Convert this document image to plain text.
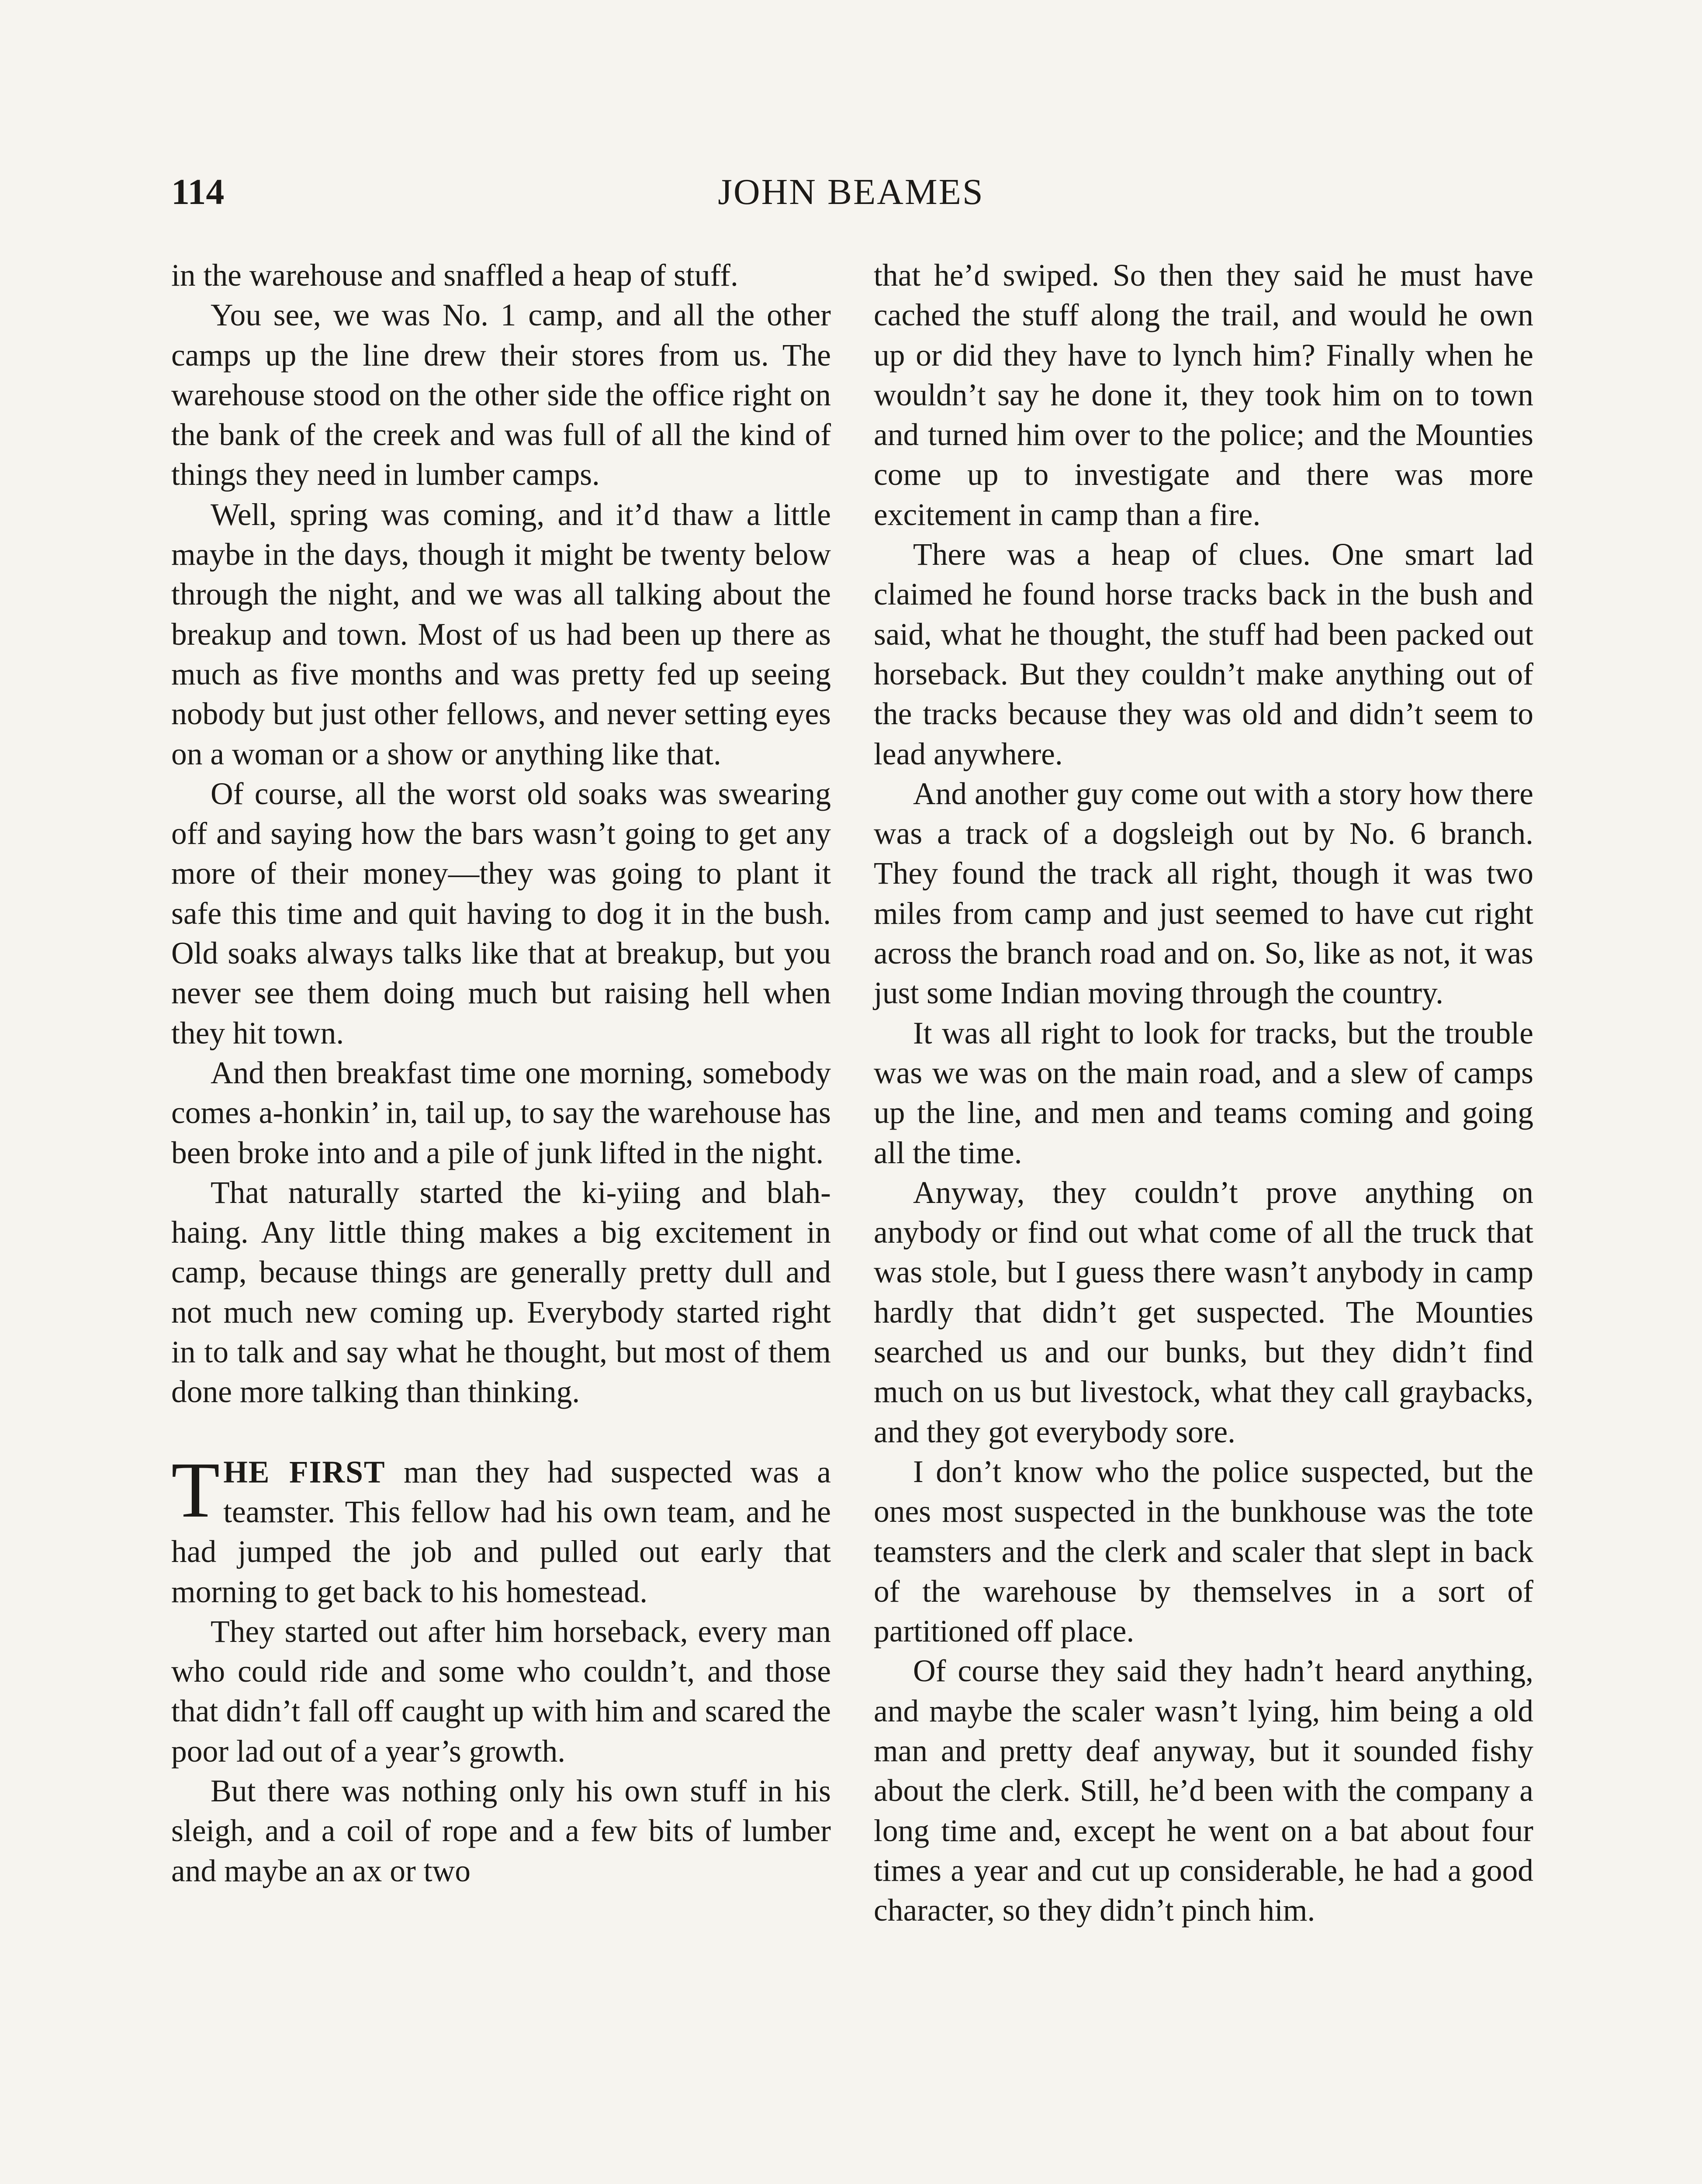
114	JOHN BEAMES

in the warehouse and snaffled a heap of stuff.

You see, we was No. 1 camp, and all the other camps up the line drew their stores from us. The warehouse stood on the other side the office right on the bank of the creek and was full of all the kind of things they need in lumber camps.

Well, spring was coming, and it’d thaw a little maybe in the days, though it might be twenty below through the night, and we was all talking about the breakup and town. Most of us had been up there as much as five months and was pretty fed up seeing nobody but just other fellows, and never setting eyes on a woman or a show or anything like that.

Of course, all the worst old soaks was swearing off and saying how the bars wasn’t going to get any more of their money—they was going to plant it safe this time and quit having to dog it in the bush. Old soaks always talks like that at breakup, but you never see them doing much but raising hell when they hit town.

And then breakfast time one morning, somebody comes a-honkin’ in, tail up, to say the warehouse has been broke into and a pile of junk lifted in the night.

That naturally started the ki-yiing and blah-haing. Any little thing makes a big excitement in camp, because things are generally pretty dull and not much new coming up. Everybody started right in to talk and say what he thought, but most of them done more talking than thinking.

THE FIRST man they had suspected was a teamster. This fellow had his own team, and he had jumped the job and pulled out early that morning to get back to his homestead.

They started out after him horseback, every man who could ride and some who couldn’t, and those that didn’t fall off caught up with him and scared the poor lad out of a year’s growth.

But there was nothing only his own stuff in his sleigh, and a coil of rope and a few bits of lumber and maybe an ax or two

that he’d swiped. So then they said he must have cached the stuff along the trail, and would he own up or did they have to lynch him? Finally when he wouldn’t say he done it, they took him on to town and turned him over to the police; and the Mounties come up to investigate and there was more excitement in camp than a fire.

There was a heap of clues. One smart lad claimed he found horse tracks back in the bush and said, what he thought, the stuff had been packed out horseback. But they couldn’t make anything out of the tracks because they was old and didn’t seem to lead anywhere.

And another guy come out with a story how there was a track of a dogsleigh out by No. 6 branch. They found the track all right, though it was two miles from camp and just seemed to have cut right across the branch road and on. So, like as not, it was just some Indian moving through the country.

It was all right to look for tracks, but the trouble was we was on the main road, and a slew of camps up the line, and men and teams coming and going all the time.

Anyway, they couldn’t prove anything on anybody or find out what come of all the truck that was stole, but I guess there wasn’t anybody in camp hardly that didn’t get suspected. The Mounties searched us and our bunks, but they didn’t find much on us but livestock, what they call graybacks, and they got everybody sore.

I don’t know who the police suspected, but the ones most suspected in the bunkhouse was the tote teamsters and the clerk and scaler that slept in back of the warehouse by themselves in a sort of partitioned off place.

Of course they said they hadn’t heard anything, and maybe the scaler wasn’t lying, him being a old man and pretty deaf anyway, but it sounded fishy about the clerk. Still, he’d been with the company a long time and, except he went on a bat about four times a year and cut up considerable, he had a good character, so they didn’t pinch him.
